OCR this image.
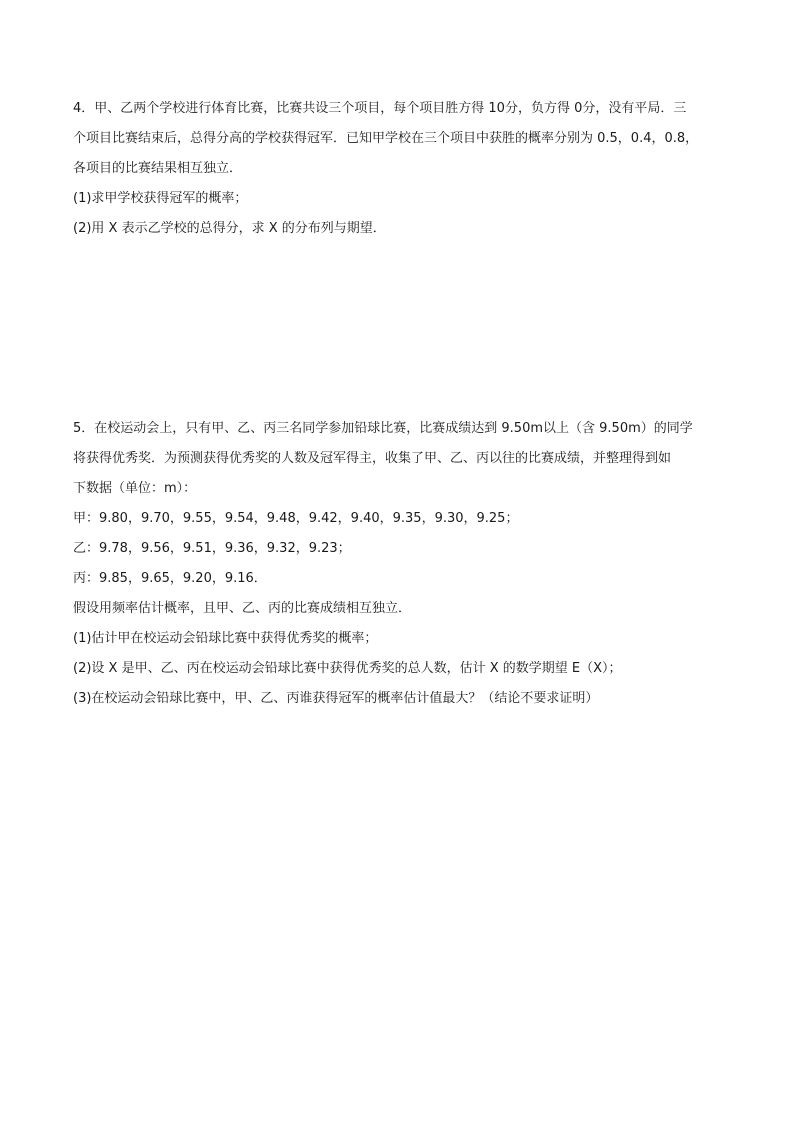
4．甲、乙两个学校进行体育比赛，比赛共设三个项目，每个项目胜方得 10分，负方得 0分，没有平局．三
个项目比赛结束后，总得分高的学校获得冠军．已知甲学校在三个项目中获胜的概率分别为 0.5，0.4，0.8，
各项目的比赛结果相互独立．
(1)求甲学校获得冠军的概率；
(2)用 X 表示乙学校的总得分，求 X 的分布列与期望．
5．在校运动会上，只有甲、乙、丙三名同学参加铅球比赛，比赛成绩达到 9.50m以上（含 9.50m）的同学
将获得优秀奖．为预测获得优秀奖的人数及冠军得主，收集了甲、乙、丙以往的比赛成绩，并整理得到如
下数据（单位：m）：
甲：9.80，9.70，9.55，9.54，9.48，9.42，9.40，9.35，9.30，9.25；
乙：9.78，9.56，9.51，9.36，9.32，9.23；
丙：9.85，9.65，9.20，9.16．
假设用频率估计概率，且甲、乙、丙的比赛成绩相互独立．
(1)估计甲在校运动会铅球比赛中获得优秀奖的概率；
(2)设 X 是甲、乙、丙在校运动会铅球比赛中获得优秀奖的总人数，估计 X 的数学期望 E（X）；
(3)在校运动会铅球比赛中，甲、乙、丙谁获得冠军的概率估计值最大？（结论不要求证明）
